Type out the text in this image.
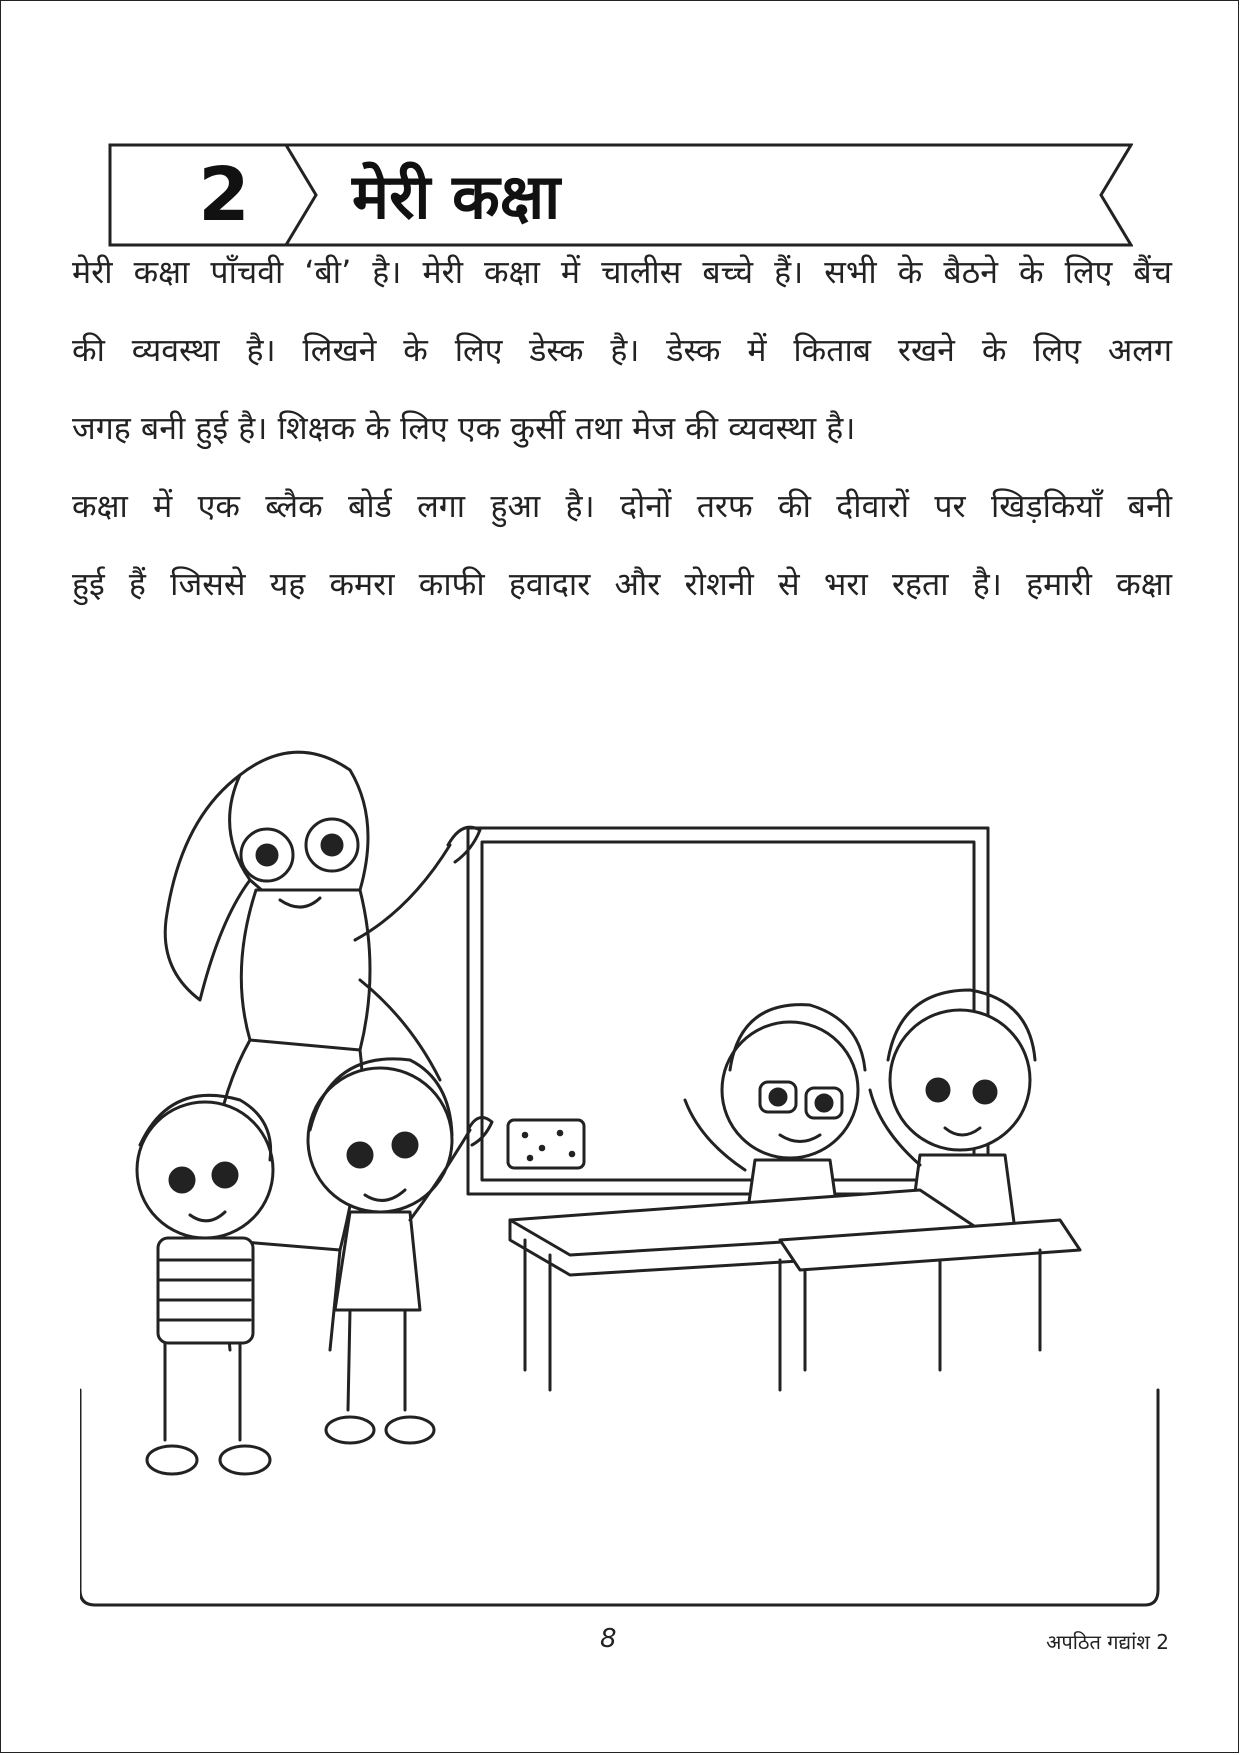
2	मेरी कक्षा
मेरी कक्षा पाँचवी ‘बी’ है। मेरी कक्षा में चालीस बच्चे हैं। सभी के बैठने के लिए बैंच
की व्यवस्था है। लिखने के लिए डेस्क है। डेस्क में किताब रखने के लिए अलग
जगह बनी हुई है। शिक्षक के लिए एक कुर्सी तथा मेज की व्यवस्था है।
कक्षा में एक ब्लैक बोर्ड लगा हुआ है। दोनों तरफ की दीवारों पर खिड़कियाँ बनी
हुई हैं जिससे यह कमरा काफी हवादार और रोशनी से भरा रहता है। हमारी कक्षा
8	अपठित गद्यांश 2
